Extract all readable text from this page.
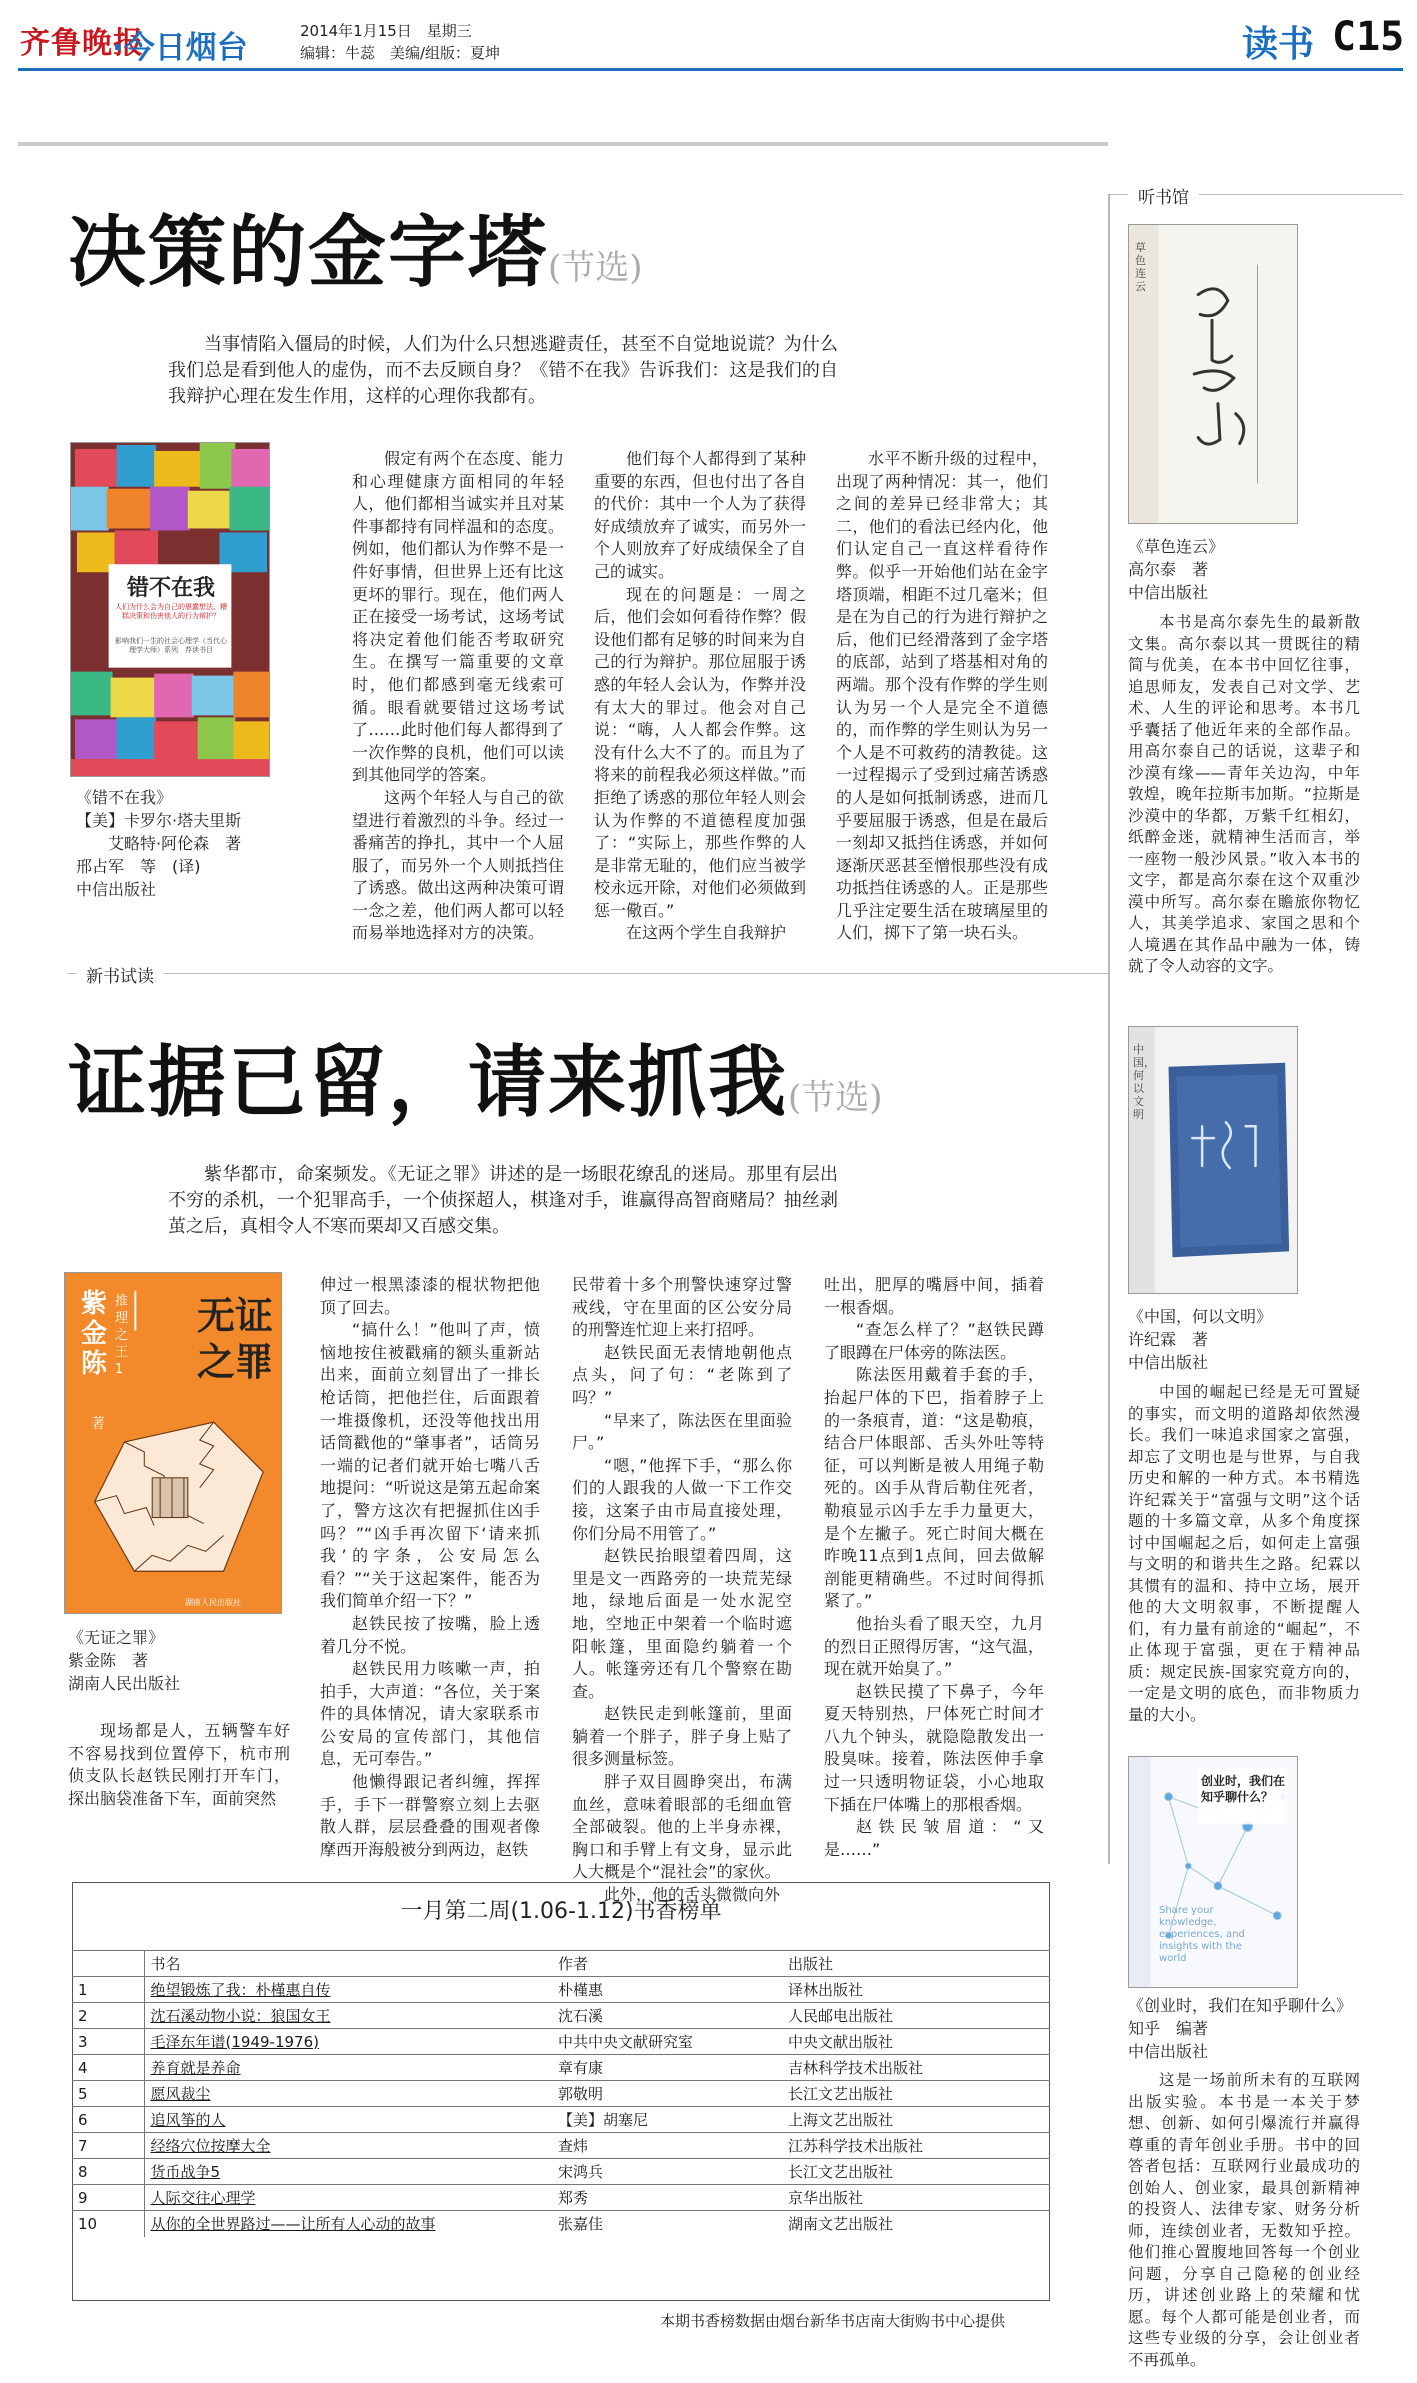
齐鲁晚报
·今日烟台	2014年1月15日　星期三
编辑：牛蕊　美编/组版：夏坤	读书 C15
听书馆
决策的金字塔(节选)
当事情陷入僵局的时候，人们为什么只想逃避责任，甚至不自觉地说谎？为什么我们总是看到他人的虚伪，而不去反顾自身？《错不在我》告诉我们：这是我们的自我辩护心理在发生作用，这样的心理你我都有。
错不在我
人们为什么会为自己的愚蠢想法、糟糕决策和伤害他人的行为辩护？
影响我们一生的社会心理学（当代心理学大师）系列　荐读书目
《错不在我》
【美】卡罗尔·塔夫里斯
　　艾略特·阿伦森　著
邢占军　等　(译)
中信出版社

假定有两个在态度、能力和心理健康方面相同的年轻人，他们都相当诚实并且对某件事都持有同样温和的态度。例如，他们都认为作弊不是一件好事情，但世界上还有比这更坏的罪行。现在，他们两人正在接受一场考试，这场考试将决定着他们能否考取研究生。在撰写一篇重要的文章时，他们都感到毫无线索可循。眼看就要错过这场考试了……此时他们每人都得到了一次作弊的良机，他们可以读到其他同学的答案。

这两个年轻人与自己的欲望进行着激烈的斗争。经过一番痛苦的挣扎，其中一个人屈服了，而另外一个人则抵挡住了诱惑。做出这两种决策可谓一念之差，他们两人都可以轻而易举地选择对方的决策。

他们每个人都得到了某种重要的东西，但也付出了各自的代价：其中一个人为了获得好成绩放弃了诚实，而另外一个人则放弃了好成绩保全了自己的诚实。

现在的问题是：一周之后，他们会如何看待作弊？假设他们都有足够的时间来为自己的行为辩护。那位屈服于诱惑的年轻人会认为，作弊并没有太大的罪过。他会对自己说：“嗨，人人都会作弊。这没有什么大不了的。而且为了将来的前程我必须这样做。”而拒绝了诱惑的那位年轻人则会认为作弊的不道德程度加强了：“实际上，那些作弊的人是非常无耻的，他们应当被学校永远开除，对他们必须做到惩一儆百。”

在这两个学生自我辩护

水平不断升级的过程中，出现了两种情况：其一，他们之间的差异已经非常大；其二，他们的看法已经内化，他们认定自己一直这样看待作弊。似乎一开始他们站在金字塔顶端，相距不过几毫米；但是在为自己的行为进行辩护之后，他们已经滑落到了金字塔的底部，站到了塔基相对角的两端。那个没有作弊的学生则认为另一个人是完全不道德的，而作弊的学生则认为另一个人是不可救药的清教徒。这一过程揭示了受到过痛苦诱惑的人是如何抵制诱惑，进而几乎要屈服于诱惑，但是在最后一刻却又抵挡住诱惑，并如何逐渐厌恶甚至憎恨那些没有成功抵挡住诱惑的人。正是那些几乎注定要生活在玻璃屋里的人们，掷下了第一块石头。

新书试读
证据已留，请来抓我(节选)
紫华都市，命案频发。《无证之罪》讲述的是一场眼花缭乱的迷局。那里有层出不穷的杀机，一个犯罪高手，一个侦探超人，棋逢对手，谁赢得高智商赌局？抽丝剥茧之后，真相令人不寒而栗却又百感交集。
紫金陈
推理之王1
无证之罪
著
湖南人民出版社
《无证之罪》
紫金陈　著
湖南人民出版社

现场都是人，五辆警车好不容易找到位置停下，杭市刑侦支队长赵铁民刚打开车门，探出脑袋准备下车，面前突然

伸过一根黑漆漆的棍状物把他顶了回去。

“搞什么！”他叫了声，愤恼地按住被戳痛的额头重新站出来，面前立刻冒出了一排长枪话筒，把他拦住，后面跟着一堆摄像机，还没等他找出用话筒戳他的“肇事者”，话筒另一端的记者们就开始七嘴八舌地提问：“听说这是第五起命案了，警方这次有把握抓住凶手吗？”“凶手再次留下‘请来抓我’的字条，公安局怎么看？”“关于这起案件，能否为我们简单介绍一下？”

赵铁民按了按嘴，脸上透着几分不悦。

赵铁民用力咳嗽一声，拍拍手，大声道：“各位，关于案件的具体情况，请大家联系市公安局的宣传部门，其他信息，无可奉告。”

他懒得跟记者纠缠，挥挥手，手下一群警察立刻上去驱散人群，层层叠叠的围观者像摩西开海般被分到两边，赵铁

民带着十多个刑警快速穿过警戒线，守在里面的区公安分局的刑警连忙迎上来打招呼。

赵铁民面无表情地朝他点点头，问了句：“老陈到了吗？”

“早来了，陈法医在里面验尸。”

“嗯，”他挥下手，“那么你们的人跟我的人做一下工作交接，这案子由市局直接处理，你们分局不用管了。”

赵铁民抬眼望着四周，这里是文一西路旁的一块荒芜绿地，绿地后面是一处水泥空地，空地正中架着一个临时遮阳帐篷，里面隐约躺着一个人。帐篷旁还有几个警察在勘查。

赵铁民走到帐篷前，里面躺着一个胖子，胖子身上贴了很多测量标签。

胖子双目圆睁突出，布满血丝，意味着眼部的毛细血管全部破裂。他的上半身赤裸，胸口和手臂上有文身，显示此人大概是个“混社会”的家伙。

此外，他的舌头微微向外

吐出，肥厚的嘴唇中间，插着一根香烟。

“查怎么样了？”赵铁民蹲了眼蹲在尸体旁的陈法医。

陈法医用戴着手套的手，抬起尸体的下巴，指着脖子上的一条痕青，道：“这是勒痕，结合尸体眼部、舌头外吐等特征，可以判断是被人用绳子勒死的。凶手从背后勒住死者，勒痕显示凶手左手力量更大，是个左撇子。死亡时间大概在昨晚11点到1点间，回去做解剖能更精确些。不过时间得抓紧了。”

他抬头看了眼天空，九月的烈日正照得厉害，“这气温，现在就开始臭了。”

赵铁民摸了下鼻子，今年夏天特别热，尸体死亡时间才八九个钟头，就隐隐散发出一股臭味。接着，陈法医伸手拿过一只透明物证袋，小心地取下插在尸体嘴上的那根香烟。

赵铁民皱眉道：“又是……”

一月第二周(1.06-1.12)书香榜单
	书名	作者	出版社
1	绝望锻炼了我：朴槿惠自传	朴槿惠	译林出版社
2	沈石溪动物小说：狼国女王	沈石溪	人民邮电出版社
3	毛泽东年谱(1949-1976)	中共中央文献研究室	中央文献出版社
4	养育就是养命	章有康	吉林科学技术出版社
5	愿风裁尘	郭敬明	长江文艺出版社
6	追风筝的人	【美】胡塞尼	上海文艺出版社
7	经络穴位按摩大全	查炜	江苏科学技术出版社
8	货币战争5	宋鸿兵	长江文艺出版社
9	人际交往心理学	郑秀	京华出版社
10	从你的全世界路过——让所有人心动的故事	张嘉佳	湖南文艺出版社
本期书香榜数据由烟台新华书店南大街购书中心提供
草色连云
《草色连云》
高尔泰　著
中信出版社
本书是高尔泰先生的最新散文集。高尔泰以其一贯既往的精简与优美，在本书中回忆往事，追思师友，发表自己对文学、艺术、人生的评论和思考。本书几乎囊括了他近年来的全部作品。用高尔泰自己的话说，这辈子和沙漠有缘——青年关边沟，中年敦煌，晚年拉斯韦加斯。“拉斯是沙漠中的华都，万紫千红相幻，纸醉金迷，就精神生活而言，举一座物一般沙风景。”收入本书的文字，都是高尔泰在这个双重沙漠中所写。高尔泰在贍旅你物忆人，其美学追求、家国之思和个人境遇在其作品中融为一体，铸就了令人动容的文字。
中国，何以文明
《中国，何以文明》
许纪霖　著
中信出版社
中国的崛起已经是无可置疑的事实，而文明的道路却依然漫长。我们一味追求国家之富强，却忘了文明也是与世界，与自我历史和解的一种方式。本书精选许纪霖关于“富强与文明”这个话题的十多篇文章，从多个角度探讨中国崛起之后，如何走上富强与文明的和谐共生之路。纪霖以其惯有的温和、持中立场，展开他的大文明叙事，不断提醒人们，有力量有前途的“崛起”，不止体现于富强，更在于精神品质：规定民族-国家究竟方向的，一定是文明的底色，而非物质力量的大小。
创业时，我们在知乎聊什么？
Share your knowledge, experiences, and insights with the world
《创业时，我们在知乎聊什么》
知乎　编著
中信出版社
这是一场前所未有的互联网出版实验。本书是一本关于梦想、创新、如何引爆流行并赢得尊重的青年创业手册。书中的回答者包括：互联网行业最成功的创始人、创业家，最具创新精神的投资人、法律专家、财务分析师，连续创业者，无数知乎控。他们推心置腹地回答每一个创业问题，分享自己隐秘的创业经历，讲述创业路上的荣耀和忧愿。每个人都可能是创业者，而这些专业级的分享，会让创业者不再孤单。
